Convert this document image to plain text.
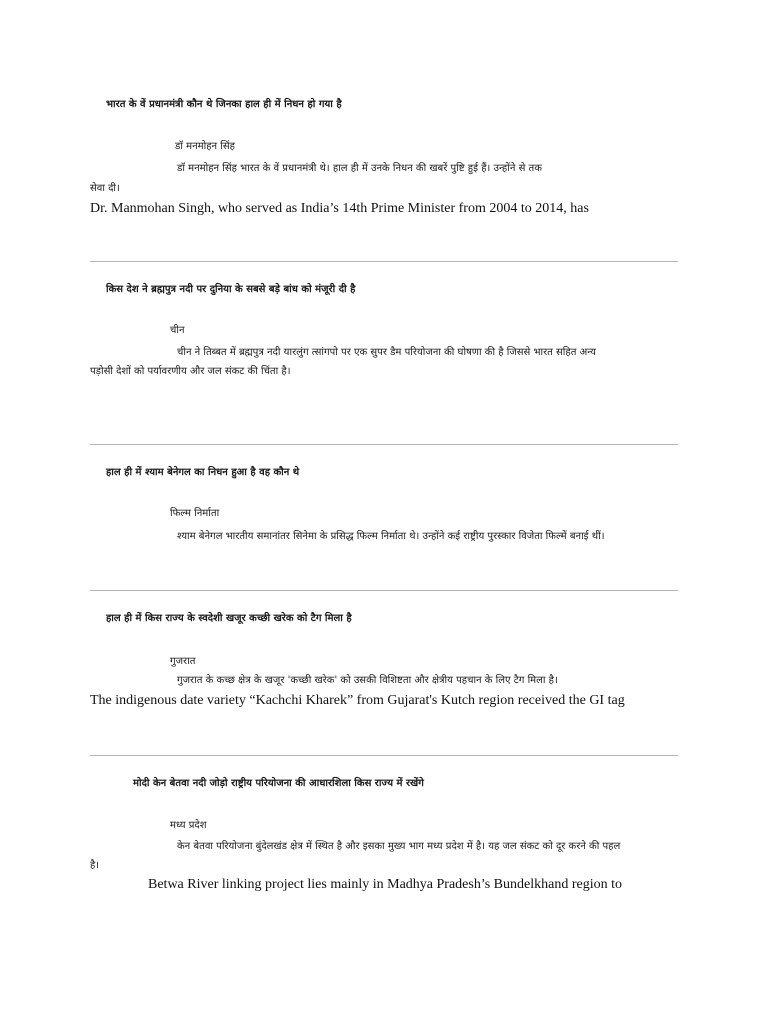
भारत के वें प्रधानमंत्री कौन थे जिनका हाल ही में निधन हो गया है
डॉ मनमोहन सिंह
डॉ मनमोहन सिंह भारत के वें प्रधानमंत्री थे। हाल ही में उनके निधन की खबरें पुष्टि हुई हैं। उन्होंने से तक
सेवा दी।
Dr. Manmohan Singh, who served as India’s 14th Prime Minister from 2004 to 2014, has
किस देश ने ब्रह्मपुत्र नदी पर दुनिया के सबसे बड़े बांध को मंजूरी दी है
चीन
चीन ने तिब्बत में ब्रह्मपुत्र नदी यारलुंग त्सांगपो पर एक सुपर डैम परियोजना की घोषणा की है जिससे भारत सहित अन्य
पड़ोसी देशों को पर्यावरणीय और जल संकट की चिंता है।
हाल ही में श्याम बेनेगल का निधन हुआ है वह कौन थे
फिल्म निर्माता
श्याम बेनेगल भारतीय समानांतर सिनेमा के प्रसिद्ध फिल्म निर्माता थे। उन्होंने कई राष्ट्रीय पुरस्कार विजेता फिल्में बनाई थीं।
हाल ही में किस राज्य के स्वदेशी खजूर कच्छी खरेक को टैग मिला है
गुजरात
गुजरात के कच्छ क्षेत्र के खजूर 'कच्छी खरेक' को उसकी विशिष्टता और क्षेत्रीय पहचान के लिए टैग मिला है।
The indigenous date variety “Kachchi Kharek” from Gujarat's Kutch region received the GI tag
मोदी केन बेतवा नदी जोड़ो राष्ट्रीय परियोजना की आधारशिला किस राज्य में रखेंगे
मध्य प्रदेश
केन बेतवा परियोजना बुंदेलखंड क्षेत्र में स्थित है और इसका मुख्य भाग मध्य प्रदेश में है। यह जल संकट को दूर करने की पहल
है।
Betwa River linking project lies mainly in Madhya Pradesh’s Bundelkhand region to
